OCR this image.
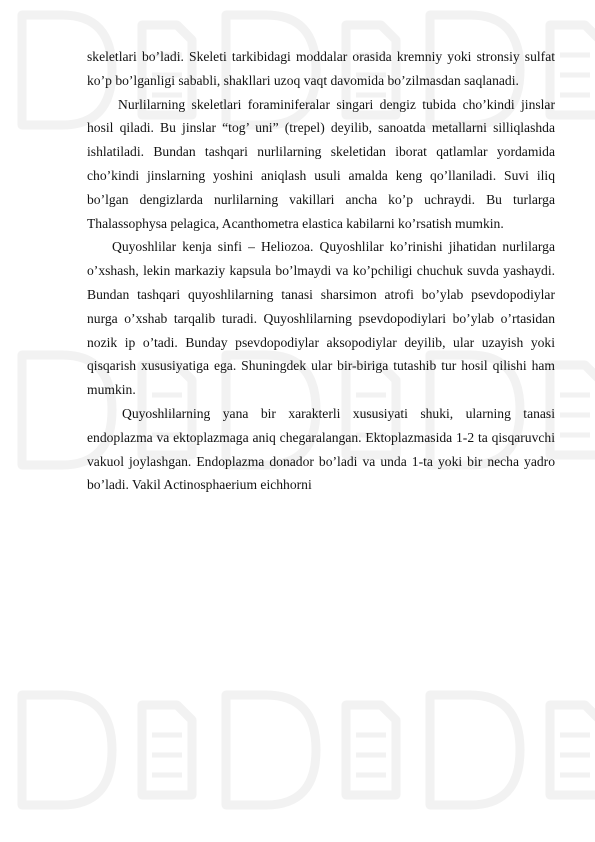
skeletlari bo’ladi. Skeleti tarkibidagi moddalar orasida kremniy yoki stronsiy sulfat ko’p bo’lganligi sababli, shakllari uzoq vaqt davomida bo’zilmasdan saqlanadi.

Nurlilarning skeletlari foraminiferalar singari dengiz tubida cho’kindi jinslar hosil qiladi. Bu jinslar “tog’ uni” (trepel) deyilib, sanoatda metallarni silliqlashda ishlatiladi. Bundan tashqari nurlilarning skeletidan iborat qatlamlar yordamida cho’kindi jinslarning yoshini aniqlash usuli amalda keng qo’llaniladi. Suvi iliq bo’lgan dengizlarda nurlilarning vakillari ancha ko’p uchraydi. Bu turlarga Thalassophysa pelagica, Acanthometra elastica kabilarni ko’rsatish mumkin.

Quyoshlilar kenja sinfi – Heliozoa. Quyoshlilar ko’rinishi jihatidan nurlilarga o’xshash, lekin markaziy kapsula bo’lmaydi va ko’pchiligi chuchuk suvda yashaydi. Bundan tashqari quyoshlilarning tanasi sharsimon atrofi bo’ylab psevdopodiylar nurga o’xshab tarqalib turadi. Quyoshlilarning psevdopodiylari bo’ylab o’rtasidan nozik ip o’tadi. Bunday psevdopodiylar aksopodiylar deyilib, ular uzayish yoki qisqarish xususiyatiga ega. Shuningdek ular bir-biriga tutashib tur hosil qilishi ham mumkin.

Quyoshlilarning yana bir xarakterli xususiyati shuki, ularning tanasi endoplazma va ektoplazmaga aniq chegaralangan. Ektoplazmasida 1-2 ta qisqaruvchi vakuol joylashgan. Endoplazma donador bo’ladi va unda 1-ta yoki bir necha yadro bo’ladi. Vakil Actinosphaerium eichhorni
